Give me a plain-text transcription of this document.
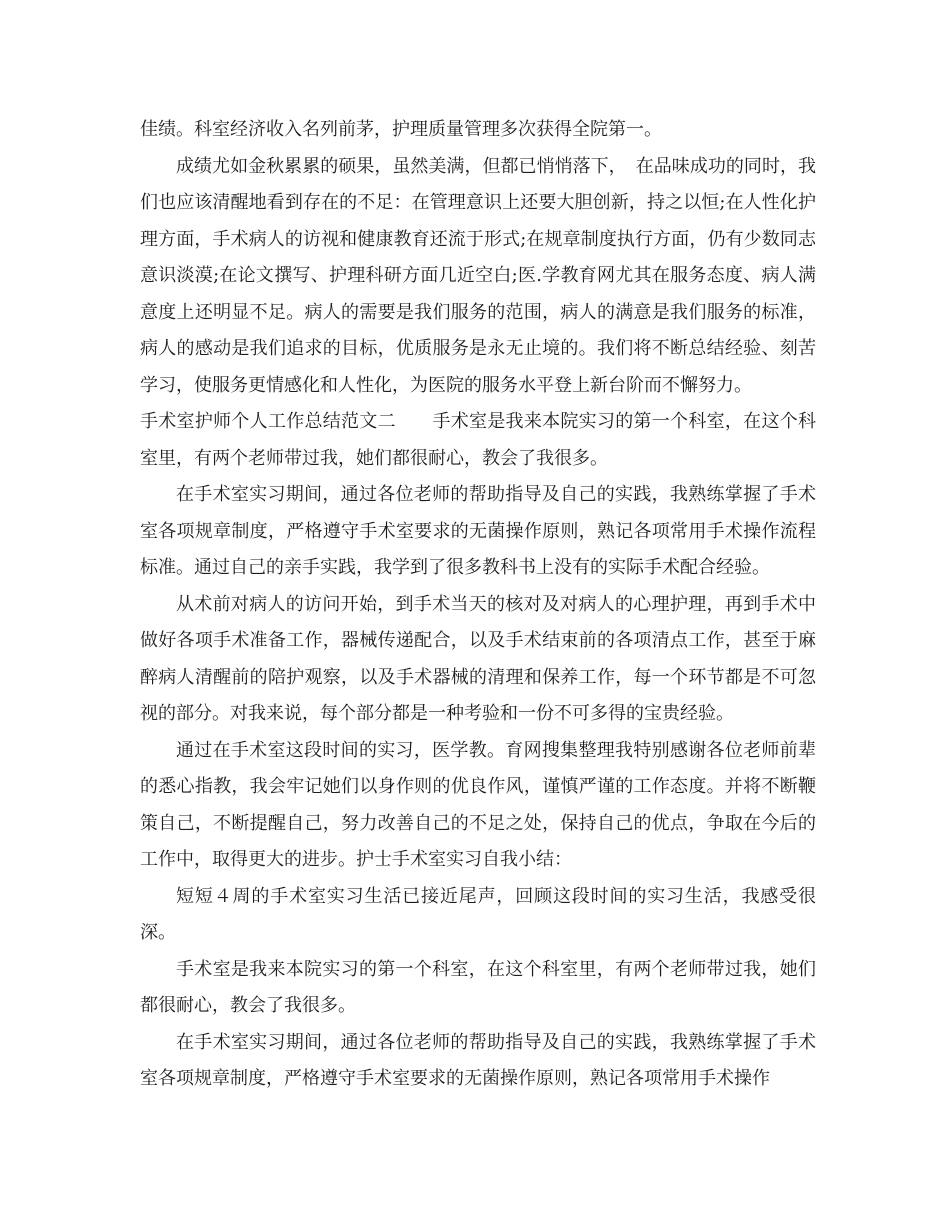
佳绩。科室经济收入名列前茅，护理质量管理多次获得全院第一。

成绩尤如金秋累累的硕果，虽然美满，但都已悄悄落下，　在品味成功的同时，我们也应该清醒地看到存在的不足：在管理意识上还要大胆创新，持之以恒;在人性化护理方面，手术病人的访视和健康教育还流于形式;在规章制度执行方面，仍有少数同志意识淡漠;在论文撰写、护理科研方面几近空白;医.学教育网尤其在服务态度、病人满意度上还明显不足。病人的需要是我们服务的范围，病人的满意是我们服务的标准，病人的感动是我们追求的目标，优质服务是永无止境的。我们将不断总结经验、刻苦学习，使服务更情感化和人性化，为医院的服务水平登上新台阶而不懈努力。

手术室护师个人工作总结范文二　　手术室是我来本院实习的第一个科室，在这个科室里，有两个老师带过我，她们都很耐心，教会了我很多。

在手术室实习期间，通过各位老师的帮助指导及自己的实践，我熟练掌握了手术室各项规章制度，严格遵守手术室要求的无菌操作原则，熟记各项常用手术操作流程标准。通过自己的亲手实践，我学到了很多教科书上没有的实际手术配合经验。

从术前对病人的访问开始，到手术当天的核对及对病人的心理护理，再到手术中做好各项手术准备工作，器械传递配合，以及手术结束前的各项清点工作，甚至于麻醉病人清醒前的陪护观察，以及手术器械的清理和保养工作，每一个环节都是不可忽视的部分。对我来说，每个部分都是一种考验和一份不可多得的宝贵经验。

通过在手术室这段时间的实习，医学教。育网搜集整理我特别感谢各位老师前辈的悉心指教，我会牢记她们以身作则的优良作风，谨慎严谨的工作态度。并将不断鞭策自己，不断提醒自己，努力改善自己的不足之处，保持自己的优点，争取在今后的工作中，取得更大的进步。护士手术室实习自我小结：

短短４周的手术室实习生活已接近尾声，回顾这段时间的实习生活，我感受很深。

手术室是我来本院实习的第一个科室，在这个科室里，有两个老师带过我，她们都很耐心，教会了我很多。

在手术室实习期间，通过各位老师的帮助指导及自己的实践，我熟练掌握了手术室各项规章制度，严格遵守手术室要求的无菌操作原则，熟记各项常用手术操作
